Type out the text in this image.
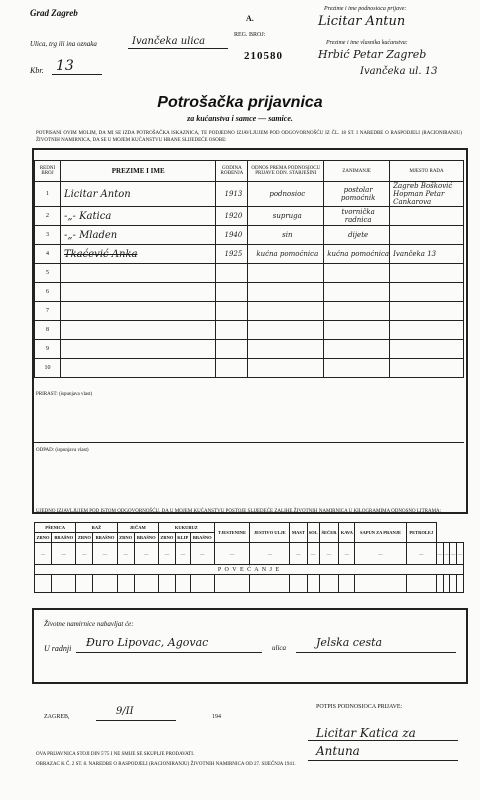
Grad Zagreb
A.
Ulica, trg ili ina oznaka	Ivančeka ulica
REG. BROJ:
210580
Kbr. 13
Prezime i ime podnosioca prijave:
Licitar Antun
Prezime i ime vlasnika kućanstva:
Hrbić Petar Zagreb
Ivančeka ul. 13
Potrošačka prijavnica
za kućanstva i samce — samice.
POTPISANI OVIM MOLIM, DA MI SE IZDA POTROŠAČKA ISKAZNICA, TE PODJEDNO IZJAVLJUJEM POD ODGOVORNOŠĆU IZ ČL. 18 ST. I NAREDBE O RASPODJELI (RACIONIRANJU) ŽIVOTNIH NAMIRNICA, DA SE U MOJEM KUĆANSTVU HRANE SLIJEDEĆE OSOBE:
REDNI BROJ	PREZIME I IME	GODINA ROĐENJA	ODNOS PREMA PODNOSIOCU PRIJAVE ODN. STARJEŠINI	ZANIMANJE	MJESTO RADA
1	Licitar Anton	1913	podnosioc	postolar pomoćnik	Zagreb Bošković Hopman Petar Cankarova
2	-„- Katica	1920	supruga	tvornička radnica	
3	-„- Mladen	1940	sin	dijete	
4	Tkaćević Anka	1925	kućna pomoćnica	kućna pomoćnica	Ivančeka 13
5					
6					
7					
8					
9					
10					
PRIRAST: (ispunjava vlast)
ODPAD: (ispunjava vlast)
UJEDNO IZJAVLJUJEM POD ISTOM ODGOVORNOŠĆU, DA U MOJEM KUĆANSTVU POSTOJE SLIJEDEĆE ZALIHE ŽIVOTNIH NAMIRNICA U KILOGRAMIMA ODNOSNO LITRAMA:
PŠENICA		RAŽ		JEČAM		KUKURUZ			TJESTENINE	JESTIVO ULJE	MAST	SOL	ŠEĆER	KAVA	SAPUN ZA PRANJE	PETROLEJ				
ZRNO	BRAŠNO	ZRNO	BRAŠNO	ZRNO	BRAŠNO	ZRNO	KLIP	BRAŠNO												
—	—	—	—	—	—	—	—	—	—	—	—	—	—	—	—	—	—	—	—	—
P O V E Ć A N J E																				

Životne namirnice nabavljat će:
U radnji Đuro Lipovac, Agovac	ulica	Jelska cesta
ZAGREB,	9/II	194
POTPIS PODNOSIOCA PRIJAVE:
Licitar Katica za Antuna
OVA PRIJAVNICA STOJI DIN 5'75 I NE SMIJE SE SKUPLJE PRODAVATI.
OBRAZAC K Č. 2 ST. 8. NAREDBE O RASPODJELI (RACIONIRANJU) ŽIVOTNIH NAMIRNICA OD 27. SIJEČNJA 1941.
